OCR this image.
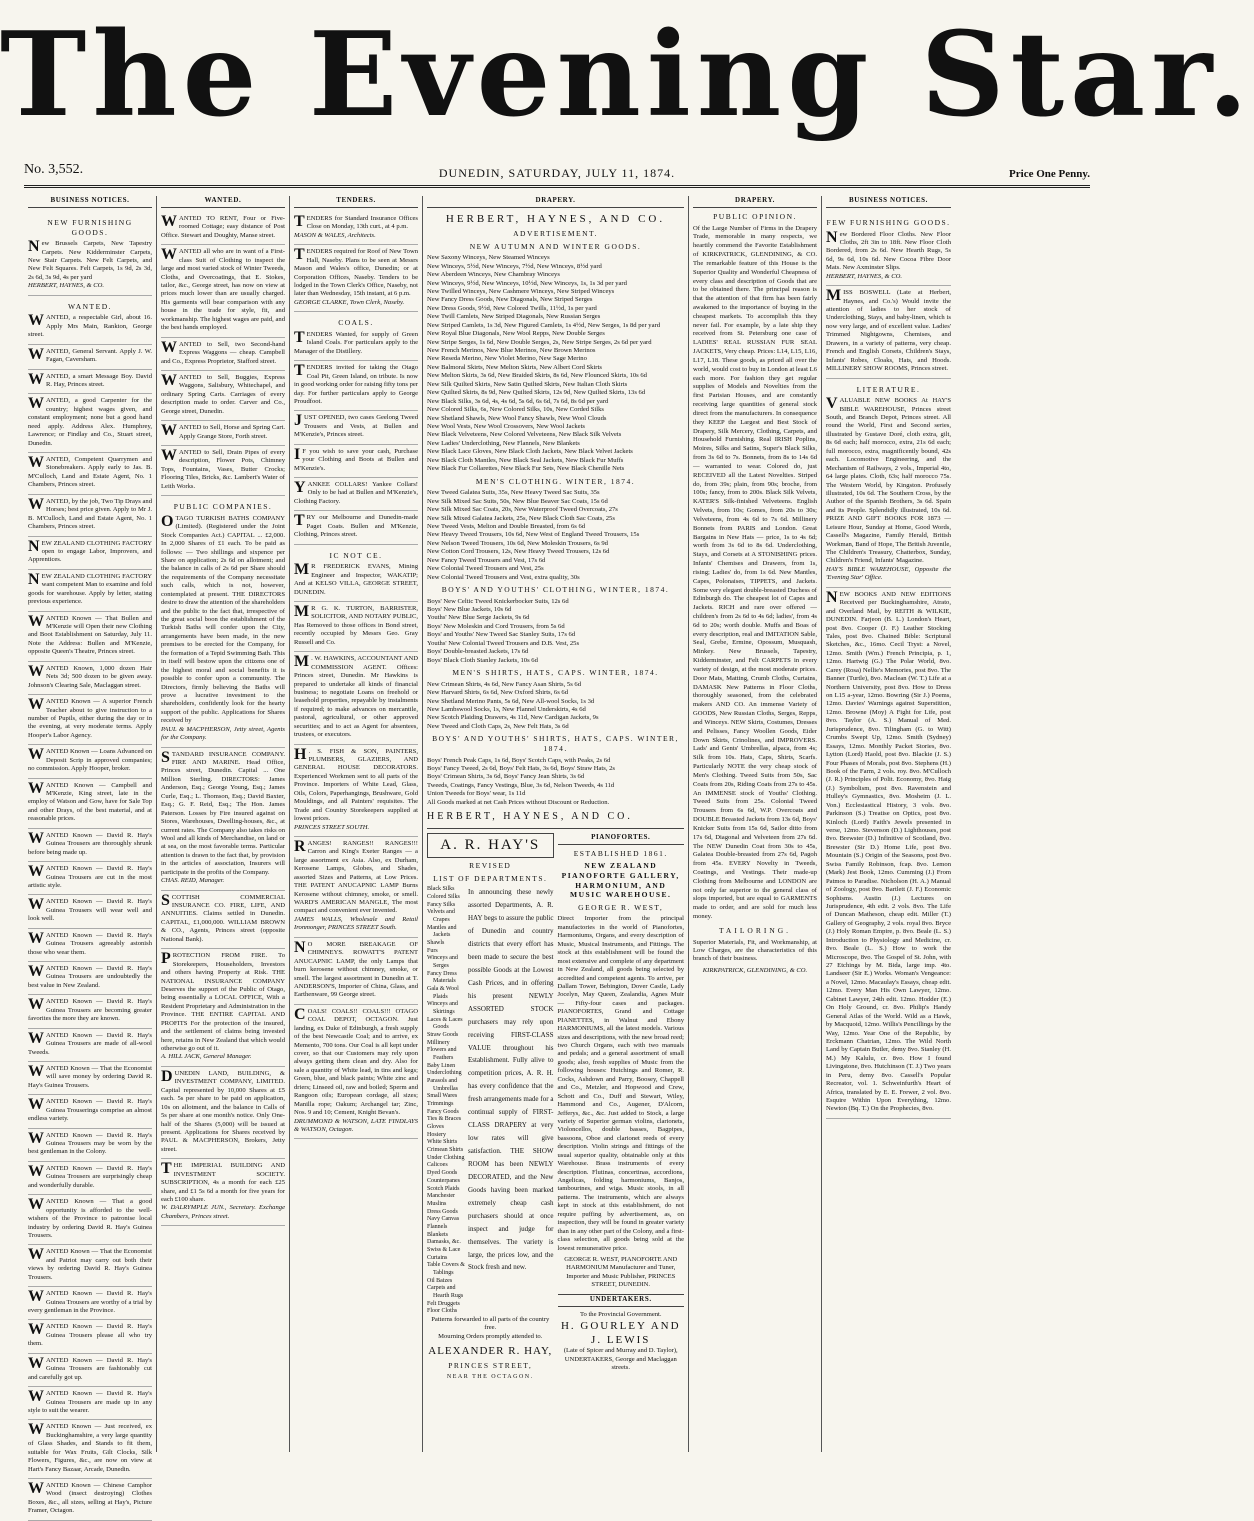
The Evening Star.
No. 3,552.	DUNEDIN, SATURDAY, JULY 11, 1874.	Price One Penny.
BUSINESS NOTICES.
NEW FURNISHING GOODS.

New Brussels Carpets, New Tapestry Carpets. New Kidderminster Carpets, New Stair Carpets. New Felt Carpets, and New Felt Squares. Felt Carpets, 1s 9d, 2s 3d, 2s 6d, 3s 9d, 4s per yard

HERBERT, HAYNES, & CO.

WANTED.

WANTED, a respectable Girl, about 16. Apply Mrs Main, Rankton, George street.

WANTED, General Servant. Apply J. W. Fagan, Caversham.

WANTED, a smart Message Boy. David R. Hay, Princes street.

WANTED, a good Carpenter for the country; highest wages given, and constant employment; none but a good hand need apply. Address Alex. Humphrey, Lawrence; or Findlay and Co., Stuart street, Dunedin.

WANTED, Competent Quarrymen and Stonebreakers. Apply early to Jas. B. M'Culloch, Land and Estate Agent, No. 1 Chambers, Princes street.

WANTED, by the job, Two Tip Drays and Horses; best price given. Apply to Mr J. B. M'Culloch, Land and Estate Agent, No. 1 Chambers, Princes street.

NEW ZEALAND CLOTHING FACTORY open to engage Labor, Improvers, and Apprentices.

NEW ZEALAND CLOTHING FACTORY want competent Man to examine and fold goods for warehouse. Apply by letter, stating previous experience.

WANTED Known — That Bullen and M'Kenzie will Open their new Clothing and Boot Establishment on Saturday, July 11. Note the Address: Bullen and M'Kenzie, opposite Queen's Theatre, Princes street.

WANTED Known, 1,000 dozen Hair Nets 3d; 500 dozen to be given away. Johnson's Clearing Sale, Maclaggan street.

WANTED Known — A superior French Teacher about to give instruction to a number of Pupils, either during the day or in the evening, at very moderate terms. Apply Hooper's Labor Agency.

WANTED Known — Loans Advanced on Deposit Scrip in approved companies; no commission. Apply Hooper, broker.

WANTED Known — Campbell and M'Kenzie, King street, late in the employ of Watson and Gow, have for Sale Top and other Drays, of the best material, and at reasonable prices.

WANTED Known — David R. Hay's Guinea Trousers are thoroughly shrunk before being made up.

WANTED Known — David R. Hay's Guinea Trousers are cut in the most artistic style.

WANTED Known — David R. Hay's Guinea Trousers will wear well and look well.

WANTED Known — David R. Hay's Guinea Trousers agreeably astonish those who wear them.

WANTED Known — David R. Hay's Guinea Trousers are undoubtedly the best value in New Zealand.

WANTED Known — David R. Hay's Guinea Trousers are becoming greater favorites the more they are known.

WANTED Known — David R. Hay's Guinea Trousers are made of all-wool Tweeds.

WANTED Known — That the Economist will save money by ordering David R. Hay's Guinea Trousers.

WANTED Known — David R. Hay's Guinea Trouserings comprise an almost endless variety.

WANTED Known — David R. Hay's Guinea Trousers may be worn by the best gentleman in the Colony.

WANTED Known — David R. Hay's Guinea Trousers are surprisingly cheap and wonderfully durable.

WANTED Known — That a good opportunity is afforded to the well-wishers of the Province to patronise local industry by ordering David R. Hay's Guinea Trousers.

WANTED Known — That the Economist and Patriot may carry out both their views by ordering David R. Hay's Guinea Trousers.

WANTED Known — David R. Hay's Guinea Trousers are worthy of a trial by every gentleman in the Province.

WANTED Known — David R. Hay's Guinea Trousers please all who try them.

WANTED Known — David R. Hay's Guinea Trousers are fashionably cut and carefully got up.

WANTED Known — David R. Hay's Guinea Trousers are made up in any style to suit the wearer.

WANTED Known — Just received, ex Buckinghamshire, a very large quantity of Glass Shades, and Stands to fit them, suitable for Wax Fruits, Gilt Clocks, Silk Flowers, Figures, &c., are now on view at Hart's Fancy Bazaar, Arcade, Dunedin.

WANTED Known — Chinese Camphor Wood (insect destroying) Clothes Boxes, &c., all sizes, selling at Hay's, Picture Framer, Octagon.

WANTED.

WANTED TO RENT, Four or Five-roomed Cottage; easy distance of Post Office. Stewart and Doughty, Manse street.

WANTED all who are in want of a First-class Suit of Clothing to inspect the large and most varied stock of Winter Tweeds, Cloths, and Overcoatings, that E. Stokes, tailor, &c., George street, has now on view at prices much lower than are usually charged. His garments will bear comparison with any house in the trade for style, fit, and workmanship. The highest wages are paid, and the best hands employed.

WANTED to Sell, two Second-hand Express Waggons — cheap. Campbell and Co., Express Proprietor, Stafford street.

WANTED to Sell, Buggies, Express Waggons, Salisbury, Whitechapel, and ordinary Spring Carts. Carriages of every description made to order. Carver and Co., George street, Dunedin.

WANTED to Sell, Horse and Spring Cart. Apply Grange Store, Forth street.

WANTED to Sell, Drain Pipes of every description, Flower Pots, Chimney Tops, Fountains, Vases, Butter Crocks; Flooring Tiles, Bricks, &c. Lambert's Water of Leith Works.

PUBLIC COMPANIES.

OTAGO TURKISH BATHS COMPANY (Limited). (Registered under the Joint Stock Companies Act.) CAPITAL ... £2,000. In 2,000 Shares of £1 each. To be paid as follows: — Two shillings and sixpence per Share on application; 2s 6d on allotment; and the balance in calls of 2s 6d per Share should the requirements of the Company necessitate such calls, which is not, however, contemplated at present. THE DIRECTORS desire to draw the attention of the shareholders and the public to the fact that, irrespective of the great social boon the establishment of the Turkish Baths will confer upon the City, arrangements have been made, in the new premises to be erected for the Company, for the formation of a Tepid Swimming Bath. This in itself will bestow upon the citizens one of the highest moral and social benefits it is possible to confer upon a community. The Directors, firmly believing the Baths will prove a lucrative investment to the shareholders, confidently look for the hearty support of the public. Applications for Shares received by

PAUL & MACPHERSON, Jetty street, Agents for the Company.

STANDARD INSURANCE COMPANY. FIRE AND MARINE. Head Office, Princes street, Dunedin. Capital ... One Million Sterling. DIRECTORS: James Anderson, Esq.; George Young, Esq.; James Curle, Esq.; L. Thomson, Esq.; David Baxter, Esq.; G. F. Reid, Esq.; The Hon. James Paterson. Losses by Fire insured against on Stores, Warehouses, Dwelling-houses, &c., at current rates. The Company also takes risks on Wool and all kinds of Merchandise, on land or at sea, on the most favorable terms. Particular attention is drawn to the fact that, by provision in the articles of association, Insurers will participate in the profits of the Company.

CHAS. REID, Manager.

SCOTTISH COMMERCIAL INSURANCE CO. FIRE, LIFE, AND ANNUITIES. Claims settled in Dunedin. CAPITAL, £1,000,000. WILLIAM BROWN & CO., Agents, Princes street (opposite National Bank).

PROTECTION FROM FIRE. To Storekeepers, Householders, Investors and others having Property at Risk. THE NATIONAL INSURANCE COMPANY Deserves the support of the Public of Otago, being essentially a LOCAL OFFICE, With a Resident Proprietary and Administration in the Province. THE ENTIRE CAPITAL AND PROFITS For the protection of the insured, and the settlement of claims being invested here, retains in New Zealand that which would otherwise go out of it.

A. HILL JACK, General Manager.

DUNEDIN LAND, BUILDING, & INVESTMENT COMPANY, LIMITED. Capital represented by 10,000 Shares at £5 each. 5s per share to be paid on application, 10s on allotment, and the balance in Calls of 5s per share at one month's notice. Only One-half of the Shares (5,000) will be issued at present. Applications for Shares received by PAUL & MACPHERSON, Brokers, Jetty street.

THE IMPERIAL BUILDING AND INVESTMENT SOCIETY. SUBSCRIPTION, 4s a month for each £25 share, and £1 5s 6d a month for five years for each £100 share.

W. DALRYMPLE JUN., Secretary. Exchange Chambers, Princes street.

TENDERS.

TENDERS for Standard Insurance Offices Close on Monday, 13th curt., at 4 p.m.

MASON & WALES, Architects.

TENDERS required for Roof of New Town Hall, Naseby. Plans to be seen at Messrs Mason and Wales's office, Dunedin; or at Corporation Offices, Naseby. Tenders to be lodged in the Town Clerk's Office, Naseby, not later than Wednesday, 15th instant, at 6 p.m.

GEORGE CLARKE, Town Clerk, Naseby.

COALS.

TENDERS Wanted, for supply of Green Island Coals. For particulars apply to the Manager of the Distillery.

TENDERS invited for taking the Otago Coal Pit, Green Island, on tribute. Is now in good working order for raising fifty tons per day. For further particulars apply to George Proudfoot.

JUST OPENED, two cases Geelong Tweed Trousers and Vests, at Bullen and M'Kenzie's, Princes street.

I F you wish to save your cash, Purchase your Clothing and Boots at Bullen and M'Kenzie's.

YANKEE COLLARS! Yankee Collars! Only to be had at Bullen and M'Kenzie's, Clothing Factory.

TRY our Melbourne and Dunedin-made Paget Coats. Bullen and M'Kenzie, Clothing, Princes street.

IC NOT CE.

M R FREDERICK EVANS, Mining Engineer and Inspector, WAKATIP; And at KELSO VILLA, GEORGE STREET, DUNEDIN.

M R G. K. TURTON, BARRISTER, SOLICITOR, AND NOTARY PUBLIC, Has Removed to those offices in Bond street, recently occupied by Messrs Geo. Gray Russell and Co.

M . W. HAWKINS, ACCOUNTANT AND COMMISSION AGENT. Offices: Princes street, Dunedin. Mr Hawkins is prepared to undertake all kinds of financial business; to negotiate Loans on freehold or leasehold properties, repayable by instalments if required; to make advances on mercantile, pastoral, agricultural, or other approved securities; and to act as Agent for absentees, trustees, or executors.

H . S. FISH & SON, PAINTERS, PLUMBERS, GLAZIERS, AND GENERAL HOUSE DECORATORS. Experienced Workmen sent to all parts of the Province. Importers of White Lead, Glass, Oils, Colors, Paperhangings, Brushware, Gold Mouldings, and all Painters' requisites. The Trade and Country Storekeepers supplied at lowest prices.

PRINCES STREET SOUTH.

RANGES! RANGES!! RANGES!!! Carron and King's Exeter Ranges — a large assortment ex Asia. Also, ex Durham, Kerosene Lamps, Globes, and Shades, assorted Sizes and Patterns, at Low Prices. THE PATENT ANUCAPNIC LAMP Burns Kerosene without chimney, smoke, or smell. WARD'S AMERICAN MANGLE, The most compact and convenient ever invented.

JAMES WALLS, Wholesale and Retail Ironmonger, PRINCES STREET South.

N O MORE BREAKAGE OF CHIMNEYS. ROWATT'S PATENT ANUCAPNIC LAMP, the only Lamps that burn kerosene without chimney, smoke, or smell. The largest assortment in Dunedin at T. ANDERSON'S, Importer of China, Glass, and Earthenware, 99 George street.

COALS! COALS!! COALS!!! OTAGO COAL DEPOT, OCTAGON. Just landing, ex Duke of Edinburgh, a fresh supply of the best Newcastle Coal; and to arrive, ex Memento, 700 tons. Our Coal is all kept under cover, so that our Customers may rely upon always getting them clean and dry. Also for sale a quantity of White lead, in tins and kegs; Green, blue, and black paints; White zinc and driers; Linseed oil, raw and boiled; Sperm and Rangoon oils; European cordage, all sizes; Manilla rope; Oakum; Archangel tar; Zinc, Nos. 9 and 10; Cement, Knight Bevan's.

DRUMMOND & WATSON, LATE FINDLAYS & WATSON, Octagon.

DRAPERY.
HERBERT, HAYNES, AND CO.
ADVERTISEMENT.
NEW AUTUMN AND WINTER GOODS.
New Saxony Winceys, New Steamed Winceys
New Winceys, 5½d, New Winceys, 7½d, New Winceys, 8½d yard
New Aberdeen Winceys, New Chambray Winceys
New Winceys, 9½d, New Winceys, 10½d, New Winceys, 1s, 1s 3d per yard
New Twilled Winceys, New Cashmere Winceys, New Striped Winceys
New Fancy Dress Goods, New Diagonals, New Striped Serges
New Dress Goods, 9½d, New Colored Twills, 11½d, 1s per yard
New Twill Camlets, New Striped Diagonals, New Russian Serges
New Striped Camlets, 1s 3d, New Figured Camlets, 1s 4½d, New Serges, 1s 8d per yard
New Royal Blue Diagonals, New Wool Repps, New Double Serges
New Stripe Serges, 1s 6d, New Double Serges, 2s, New Stripe Serges, 2s 6d per yard
New French Merinos, New Blue Merinos, New Brown Merinos
New Reseda Merino, New Violet Merino, New Sage Merino
New Balmoral Skirts, New Melton Skirts, New Albert Cord Skirts
New Melton Skirts, 3s 6d, New Braided Skirts, 8s 6d, New Flounced Skirts, 10s 6d
New Silk Quilted Skirts, New Satin Quilted Skirts, New Italian Cloth Skirts
New Quilted Skirts, 8s 9d, New Quilted Skirts, 12s 9d, New Quilted Skirts, 13s 6d
New Black Silks, 3s 6d, 4s, 4s 6d, 5s 6d, 6s 6d, 7s 6d, 8s 6d per yard
New Colored Silks, 6s, New Colored Silks, 10s, New Corded Silks
New Shetland Shawls, New Wool Fancy Shawls, New Wool Clouds
New Wool Vests, New Wool Crossovers, New Wool Jackets
New Black Velveteens, New Colored Velveteens, New Black Silk Velvets
New Ladies' Underclothing, New Flannels, New Blankets
New Black Lace Gloves, New Black Cloth Jackets, New Black Velvet Jackets
New Black Cloth Mantles, New Black Seal Jackets, New Black Fur Muffs
New Black Fur Collarettes, New Black Fur Sets, New Black Chenille Nets
MEN'S CLOTHING. WINTER, 1874.
New Tweed Galatea Suits, 35s, New Heavy Tweed Sac Suits, 35s
New Silk Mixed Sac Suits, 50s, New Blue Beaver Sac Coats, 15s 6d
New Silk Mixed Sac Coats, 20s, New Waterproof Tweed Overcoats, 27s
New Silk Mixed Galatea Jackets, 25s, New Black Cloth Sac Coats, 25s
New Tweed Vests, Melton and Double Breasted, from 6s 6d
New Heavy Tweed Trousers, 10s 6d, New West of England Tweed Trousers, 15s
New Nelson Tweed Trousers, 10s 6d, New Moleskin Trousers, 6s 9d
New Cotton Cord Trousers, 12s, New Heavy Tweed Trousers, 12s 6d
New Fancy Tweed Trousers and Vest, 17s 6d
New Colonial Tweed Trousers and Vest, 25s
New Colonial Tweed Trousers and Vest, extra quality, 30s
BOYS' AND YOUTHS' CLOTHING, WINTER, 1874.
Boys' New Celtic Tweed Knickerbocker Suits, 12s 6d
Boys' New Blue Jackets, 10s 6d
Youths' New Blue Serge Jackets, 9s 6d
Boys' New Moleskin and Cord Trousers, from 5s 6d
Boys' and Youths' New Tweed Sac Stanley Suits, 17s 6d
Youths' New Colonial Tweed Trousers and D.B. Vest, 25s
Boys' Double-breasted Jackets, 17s 6d
Boys' Black Cloth Stanley Jackets, 10s 6d
MEN'S SHIRTS, HATS, CAPS. WINTER, 1874.
New Crimean Shirts, 4s 6d, New Fancy Asan Shirts, 5s 6d
New Harvard Shirts, 6s 6d, New Oxford Shirts, 6s 6d
New Shetland Merino Pants, 5s 6d, New All-wool Socks, 1s 3d
New Lambswool Socks, 1s, New Flannel Underskirts, 4s 6d
New Scotch Plaiding Drawers, 4s 11d, New Cardigan Jackets, 9s
New Tweed and Cloth Caps, 2s, New Felt Hats, 3s 6d
BOYS' AND YOUTHS' SHIRTS, HATS, CAPS. WINTER, 1874.
Boys' French Peak Caps, 1s 6d, Boys' Scotch Caps, with Peaks, 2s 6d
Boys' Fancy Tweed, 2s 6d, Boys' Felt Hats, 3s 6d, Boys' Straw Hats, 2s
Boys' Crimean Shirts, 3s 6d, Boys' Fancy Jean Shirts, 3s 6d
Tweeds, Coatings, Fancy Vestings, Blue, 3s 6d, Nelson Tweeds, 4s 11d
Union Tweeds for Boys' wear, 1s 11d
All Goods marked at net Cash Prices without Discount or Reduction.
HERBERT, HAYNES, AND CO.
A. R. HAY'S
REVISED
LIST OF DEPARTMENTS.
Black Silks
Colored Silks
Fancy Silks
Velvets and Crapes
Mantles and Jackets
Shawls
Furs
Winceys and Serges
Fancy Dress Materials
Gala & Wool Plaids
Winceys and Skirtings
Laces & Laces Goods
Straw Goods
Millinery
Flowers and Feathers
Baby Linen
Underclothing
Parasols and Umbrellas
Small Wares
Trimmings
Fancy Goods
Ties & Braces
Gloves
Hosiery
White Shirts
Crimean Shirts
Under Clothing
Calicoes
Dyed Goods
Counterpanes
Scotch Plaids
Manchester
Muslins
Dress Goods
Navy Canvas
Flannels
Blankets
Damasks, &c.
Swiss & Lace
Curtains
Table Covers & Tablings
Oil Baizes
Carpets and Hearth Rugs
Felt Druggets
Floor Cloths

In announcing these newly assorted Departments, A. R. HAY begs to assure the public of Dunedin and country districts that every effort has been made to secure the best possible Goods at the Lowest Cash Prices, and in offering his present NEWLY ASSORTED STOCK purchasers may rely upon receiving FIRST-CLASS VALUE throughout his Establishment. Fully alive to competition prices, A. R. H. has every confidence that the fresh arrangements made for a continual supply of FIRST-CLASS DRAPERY at very low rates will give satisfaction. THE SHOW ROOM has been NEWLY DECORATED, and the New Goods having been marked extremely cheap cash purchasers should at once inspect and judge for themselves. The variety is large, the prices low, and the Stock fresh and new.

Patterns forwarded to all parts of the country free.

Mourning Orders promptly attended to.

ALEXANDER R. HAY,
PRINCES STREET,
NEAR THE OCTAGON.
PIANOFORTES.
ESTABLISHED 1861.
NEW ZEALAND PIANOFORTE GALLERY, HARMONIUM, AND MUSIC WAREHOUSE.
GEORGE R. WEST,

Direct Importer from the principal manufactories in the world of Pianofortes, Harmoniums, Organs, and every description of Music, Musical Instruments, and Fittings. The stock at this establishment will be found the most extensive and complete of any department in New Zealand, all goods being selected by accredited and competent agents. To arrive, per Dallam Tower, Bebington, Dover Castle, Lady Jocelyn, May Queen, Zealandia, Agnes Muir — Fifty-four cases and packages. PIANOFORTES, Grand and Cottage PIANETTES, in Walnut and Ebony HARMONIUMS, all the latest models. Various sizes and descriptions, with the new broad reed; two Church Organs, each with two manuals and pedals; and a general assortment of small goods; also, fresh supplies of Music from the following houses: Hutchings and Romer, R. Cocks, Ashdown and Parry, Boosey, Chappell and Co., Metzler, and Hopwood and Crew, Schott and Co., Duff and Stewart, Wiley, Hammond and Co., Augener, D'Alcorn, Jefferys, &c., &c. Just added to Stock, a large variety of Superior german violins, clarionets, Violoncellos, double basses, Bagpipes, bassoons, Oboe and clarionet reeds of every description. Violin strings and fittings of the usual superior quality, obtainable only at this Warehouse. Brass instruments of every description. Flutinas, concertinas, accordions, Angelicas, folding harmoniums, Banjos, tambourines, and wiga. Music stools, in all patterns. The instruments, which are always kept in stock at this establishment, do not require puffing by advertisement, as, on inspection, they will be found in greater variety than in any other part of the Colony, and a first-class selection, all goods being sold at the lowest remunerative price.

GEORGE R. WEST, PIANOFORTE AND HARMONIUM Manufacturer and Tuner, Importer and Music Publisher, PRINCES STREET, DUNEDIN.

UNDERTAKERS.

To the Provincial Government.

H. GOURLEY AND J. LEWIS

(Late of Spicer and Murray and D. Taylor), UNDERTAKERS, George and Maclaggan streets.

DRAPERY.
PUBLIC OPINION.

Of the Large Number of Firms in the Drapery Trade, memorable in many respects, we heartily commend the Favorite Establishment of KIRKPATRICK, GLENDINING, & CO. The remarkable feature of this House is the Superior Quality and Wonderful Cheapness of every class and description of Goods that are to be obtained there. The principal reason is that the attention of that firm has been fairly awakened to the importance of buying in the cheapest markets. To accomplish this they never fail. For example, by a late ship they received from St. Petersburg one case of LADIES' REAL RUSSIAN FUR SEAL JACKETS, Very cheap. Prices: L14, L15, L16, L17, L18. These goods, as priced all over the world, would cost to buy in London at least L6 each more. For fashion they get regular supplies of Models and Novelties from the first Parisian Houses, and are constantly receiving large quantities of general stock direct from the manufacturers. In consequence they KEEP the Largest and Best Stock of Drapery, Silk Mercery, Clothing, Carpets, and Household Furnishing. Real IRISH Poplins, Moires, Silks and Satins, Super's Black Silks, from 3s 6d to 7s. Bonnets, from 8s to 14s 6d — warranted to wear. Colored do, just RECEIVED all the Latest Novelties. Striped do, from 39s; plain, from 90s; broche, from 100s; fancy, from to 200s. Black Silk Velvets, KATER'S Silk-finished Velveteens. English Velvets, from 10s; Gomes, from 20s to 30s; Velveteens, from 4s 6d to 7s 6d. Millinery Bonnets from PARIS and London. Great Bargains in New Hats — price, 1s to 4s 6d; worth from 3s 6d to 8s 6d. Underclothing, Stays, and Corsets at A STONISHING prices. Infants' Chemises and Drawers, from 1s, rising; Ladies' do, from 1s 6d. New Mantles, Capes, Polonaises, TIPPETS, and Jackets. Some very elegant double-breasted Duchess of Edinburgh do. The cheapest lot of Capes and Jackets. RICH and rare over offered — children's from 2s 6d to 4s 6d; ladies', from 4s 6d to 20s; worth double. Muffs and Boas of every description, real and IMITATION Sable, Seal, Grebe, Ermine, Opossum, Musquash, Minkey. New Brussels, Tapestry, Kidderminster, and Felt CARPETS in every variety of design, at the most moderate prices. Door Mats, Matting, Crumb Cloths, Curtains, DAMASK New Patterns in Floor Cloths, thoroughly seasoned, from the celebrated makers AND CO. An immense Variety of GOODS, New Russian Cloths, Serges, Repps, and Winceys. NEW Skirts, Costumes, Dresses and Pelisses, Fancy Woollen Goods, Eider Down Skirts, Crinolines, and IMPROVERS. Lads' and Gents' Umbrellas, alpaca, from 4s; Silk from 10s. Hats, Caps, Shirts, Scarfs. Particularly NOTE the very cheap stock of Men's Clothing. Tweed Suits from 50s, Sac Coats from 20s, Riding Coats from 27s to 45s. An IMMENSE stock of Youths' Clothing. Tweed Suits from 25s. Colonial Tweed Trousers from 6s 6d, W.P. Overcoats and DOUBLE Breasted Jackets from 13s 6d, Boys' Knicker Suits from 15s 6d, Sailor ditto from 17s 6d, Diagonal and Velveteen from 27s 6d. The NEW Dunedin Coat from 30s to 45s, Galatea Double-breasted from 27s 6d, Pagoh from 45s. EVERY Novelty in Tweeds, Coatings, and Vestings. Their made-up Clothing from Melbourne and LONDON are not only far superior to the general class of slops imported, but are equal to GARMENTS made to order, and are sold for much less money.

TAILORING.

Superior Materials, Fit, and Workmanship, at Low Charges, are the characteristics of this branch of their business.

KIRKPATRICK, GLENDINING, & CO.

BUSINESS NOTICES.
FEW FURNISHING GOODS.

New Bordered Floor Cloths. New Floor Cloths, 2ft 3in to 18ft. New Floor Cloth Bordered, from 2s 6d. New Hearth Rugs, 5s 6d, 9s 6d, 10s 6d. New Cocoa Fibre Door Mats. New Axminster Slips.

HERBERT, HAYNES, & CO.

MISS BOSWELL (Late at Herbert, Haynes, and Co.'s) Would invite the attention of ladies to her stock of Underclothing, Stays, and baby-linen, which is now very large, and of excellent value. Ladies' Trimmed Nightgowns, Chemises, and Drawers, in a variety of patterns, very cheap. French and English Corsets, Children's Stays, Infants' Robes, Cloaks, Hats, and Hoods. MILLINERY SHOW ROOMS, Princes street.

LITERATURE.

VALUABLE NEW BOOKS At HAY'S BIBLE WAREHOUSE, Princes street South, and Branch Depot, Princes street. All round the World, First and Second series, illustrated by Gustave Doré, cloth extra, gilt, 8s 6d each; half morocco, extra, 21s 6d each; full morocco, extra, magnificently bound, 42s each. Locomotive Engineering, and the Mechanism of Railways, 2 vols., Imperial 4to, 64 large plates. Cloth, 63s; half morocco 75s. The Western World, by Kingston. Profusely illustrated, 10s 6d. The Southern Cross, by the Author of the Spanish Brothers, 3s 6d. Spain and its People. Splendidly illustrated, 10s 6d. PRIZE AND GIFT BOOKS FOR 1873 — Leisure Hour, Sunday at Home, Good Words, Cassell's Magazine, Family Herald, British Workman, Band of Hope, The British Juvenile, The Children's Treasury, Chatterbox, Sunday, Children's Friend, Infants' Magazine.

HAY'S BIBLE WAREHOUSE, Opposite the 'Evening Star' Office.

NEW BOOKS AND NEW EDITIONS Received per Buckinghamshire, Atrato, and Overland Mail, by REITH & WILKIE, DUNEDIN. Farjeon (B. L.) London's Heart, post 8vo. Cooper (J. F.) Leather Stocking Tales, post 8vo. Chained Bible: Scriptural Sketches, &c., 16mo. Cecil Tryst: a Novel, 12mo. Smith (Wm.) French Principia, p. 1, 12mo. Hartwig (G.) The Polar World, 8vo. Carey (Rosa) Nellie's Memories, post 8vo. The Banner (Turtle), 8vo. Maclean (W. T.) Life at a Northern University, post 8vo. How to Dress on L15 a-year, 12mo. Bowring (Sir J.) Poems, 12mo. Davies' Warnings against Superstition, 12mo. Browne (Moy) A Fight for Life, post 8vo. Taylor (A. S.) Manual of Med. Jurisprudence, 8vo. Tilingham (G. to Witt) Crumbs Swept Up, 12mo. Smith (Sydney) Essays, 12mo. Monthly Packet Stories, 8vo. Lytton (Lord) Haold, post 8vo. Blackie (J. S.) Four Phases of Morals, post 8vo. Stephens (H.) Book of the Farm, 2 vols. roy. 8vo. M'Culloch (J. R.) Principles of Polit. Economy, 8vo. Haig (J.) Symbolism, post 8vo. Ravenstein and Hulley's Gymnastics, 8vo. Mosheim (J. L. Von.) Ecclesiastical History, 3 vols. 8vo. Parkinson (S.) Treatise on Optics, post 8vo. Kinloch (Lord) Faith's Jewels presented in verse, 12mo. Stevenson (D.) Lighthouses, post 8vo. Brewster (D.) Infinitive of Scotland, 8vo. Brewster (Sir D.) Home Life, post 8vo. Mountain (S.) Origin of the Seasons, post 8vo. Swiss Family Robinson, fcap. 8vo. Lemon (Mark) Jest Book, 12mo. Cumming (J.) From Patmos to Paradise. Nicholson (H. A.) Manual of Zoology, post 8vo. Bartlett (J. F.) Economic Sophisms. Austin (J.) Lectures on Jurisprudence, 4th edit. 2 vols. 8vo. The Life of Duncan Matheson, cheap edit. Miller (T.) Gallery of Geography, 2 vols. royal 8vo. Bryce (J.) Holy Roman Empire, p. 8vo. Beale (L. S.) Introduction to Physiology and Medicine, cr. 8vo. Beale (L. S.) How to work the Microscope, 8vo. The Gospel of St. John, with 27 Etchings by M. Bida, large imp. 4to. Landseer (Sir E.) Works. Woman's Vengeance: a Novel, 12mo. Macaulay's Essays, cheap edit. 12mo. Every Man His Own Lawyer, 12mo. Cabinet Lawyer, 24th edit. 12mo. Hodder (E.) On Holy Ground, cr. 8vo. Philip's Handy General Atlas of the World. Wild as a Hawk, by Macquoid, 12mo. Willis's Pencillings by the Way, 12mo. Year One of the Republic, by Erckmann Chatrian, 12mo. The Wild North Land by Captain Butler, demy 8vo. Stanley (H. M.) My Kalulu, cr. 8vo. How I found Livingstone, 8vo. Hutchinson (T. J.) Two years in Peru, demy 8vo. Cassell's Popular Recreator, vol. 1. Schweinfurth's Heart of Africa, translated by E. E. Frewer, 2 vol. 8vo. Esquire Within Upon Everything, 12mo. Newton (Bq. T.) On the Prophecies, 8vo.
